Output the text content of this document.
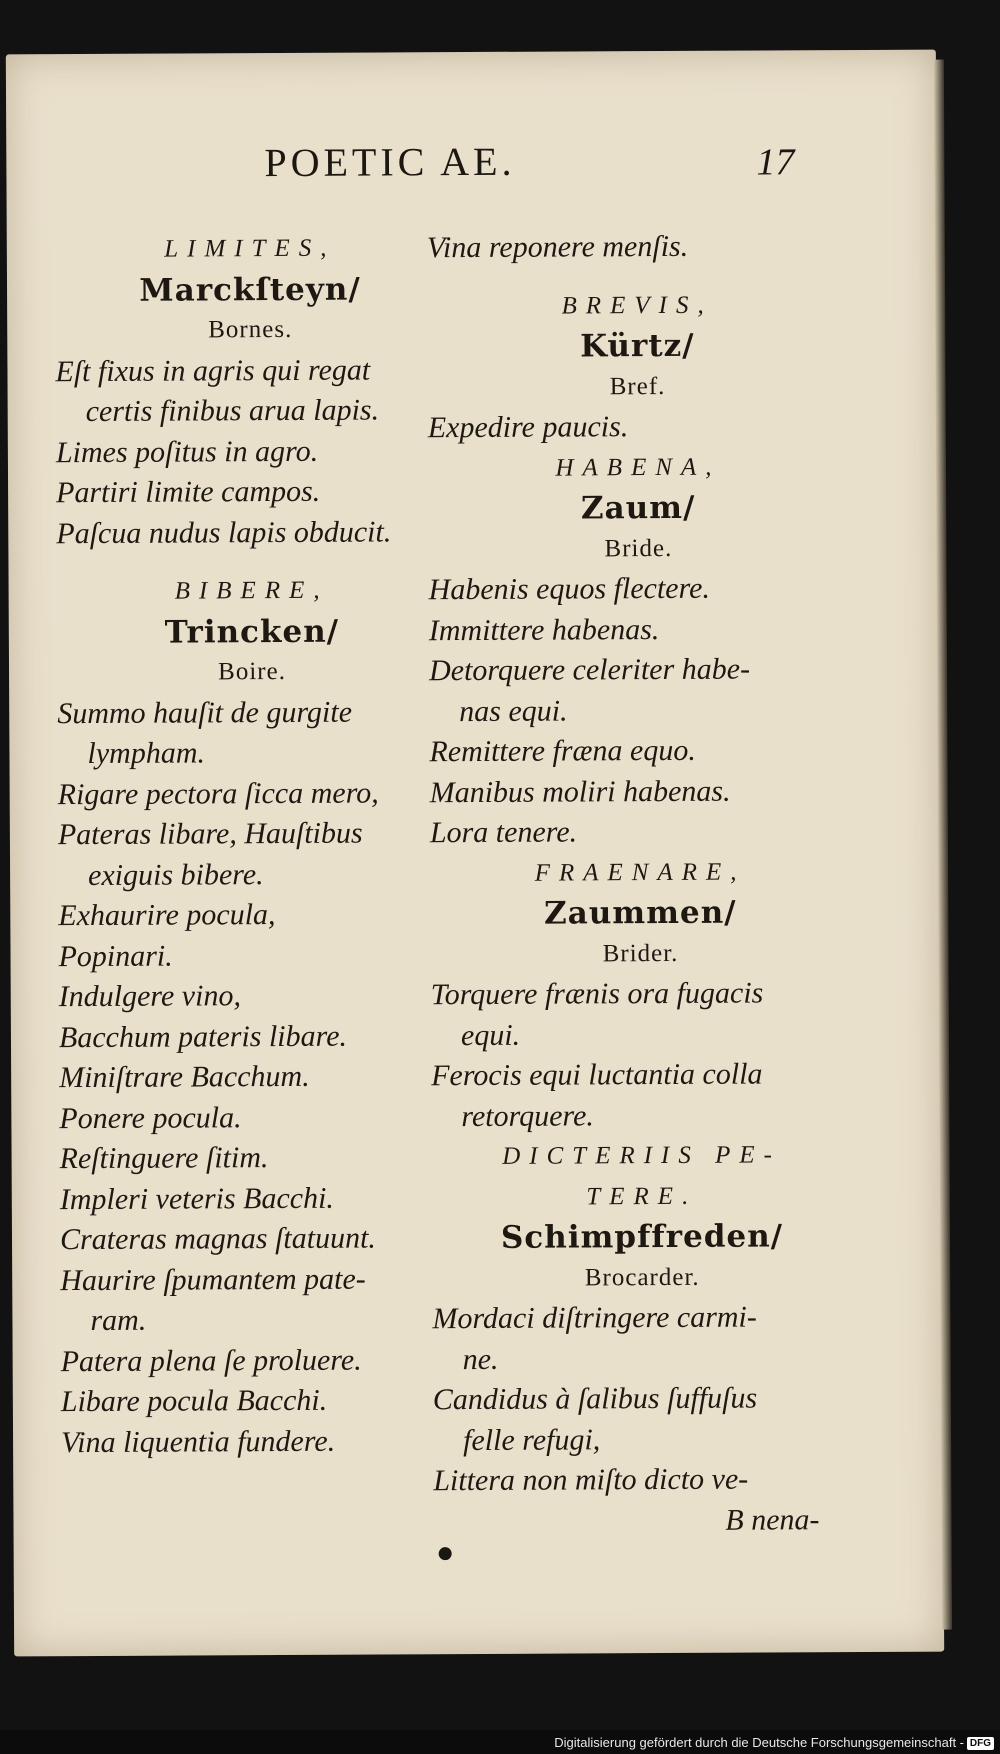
POETIC AE.	17
LIMITES,
Marckſteyn/
Bornes.
Eſt fixus in agris qui regat
certis finibus arua lapis.
Limes poſitus in agro.
Partiri limite campos.
Paſcua nudus lapis obducit.
BIBERE,
Trincken/
Boire.
Summo hauſit de gurgite
lympham.
Rigare pectora ſicca mero,
Pateras libare, Hauſtibus
exiguis bibere.
Exhaurire pocula,
Popinari.
Indulgere vino,
Bacchum pateris libare.
Miniſtrare Bacchum.
Ponere pocula.
Reſtinguere ſitim.
Impleri veteris Bacchi.
Crateras magnas ſtatuunt.
Haurire ſpumantem pate-
ram.
Patera plena ſe proluere.
Libare pocula Bacchi.
Vina liquentia fundere.
Vina reponere menſis.
BREVIS,
Kürtz/
Bref.
Expedire paucis.
HABENA,
Zaum/
Bride.
Habenis equos flectere.
Immittere habenas.
Detorquere celeriter habe-
nas equi.
Remittere fræna equo.
Manibus moliri habenas.
Lora tenere.
FRAENARE,
Zaummen/
Brider.
Torquere frænis ora fugacis
equi.
Ferocis equi luctantia colla
retorquere.
DICTERIIS PE-
TERE.
Schimpffreden/
Brocarder.
Mordaci diſtringere carmi-
ne.
Candidus à ſalibus ſuffuſus
felle refugi,
Littera non miſto dicto ve-
B nena-
Digitalisierung gefördert durch die Deutsche Forschungsgemeinschaft - DFG
